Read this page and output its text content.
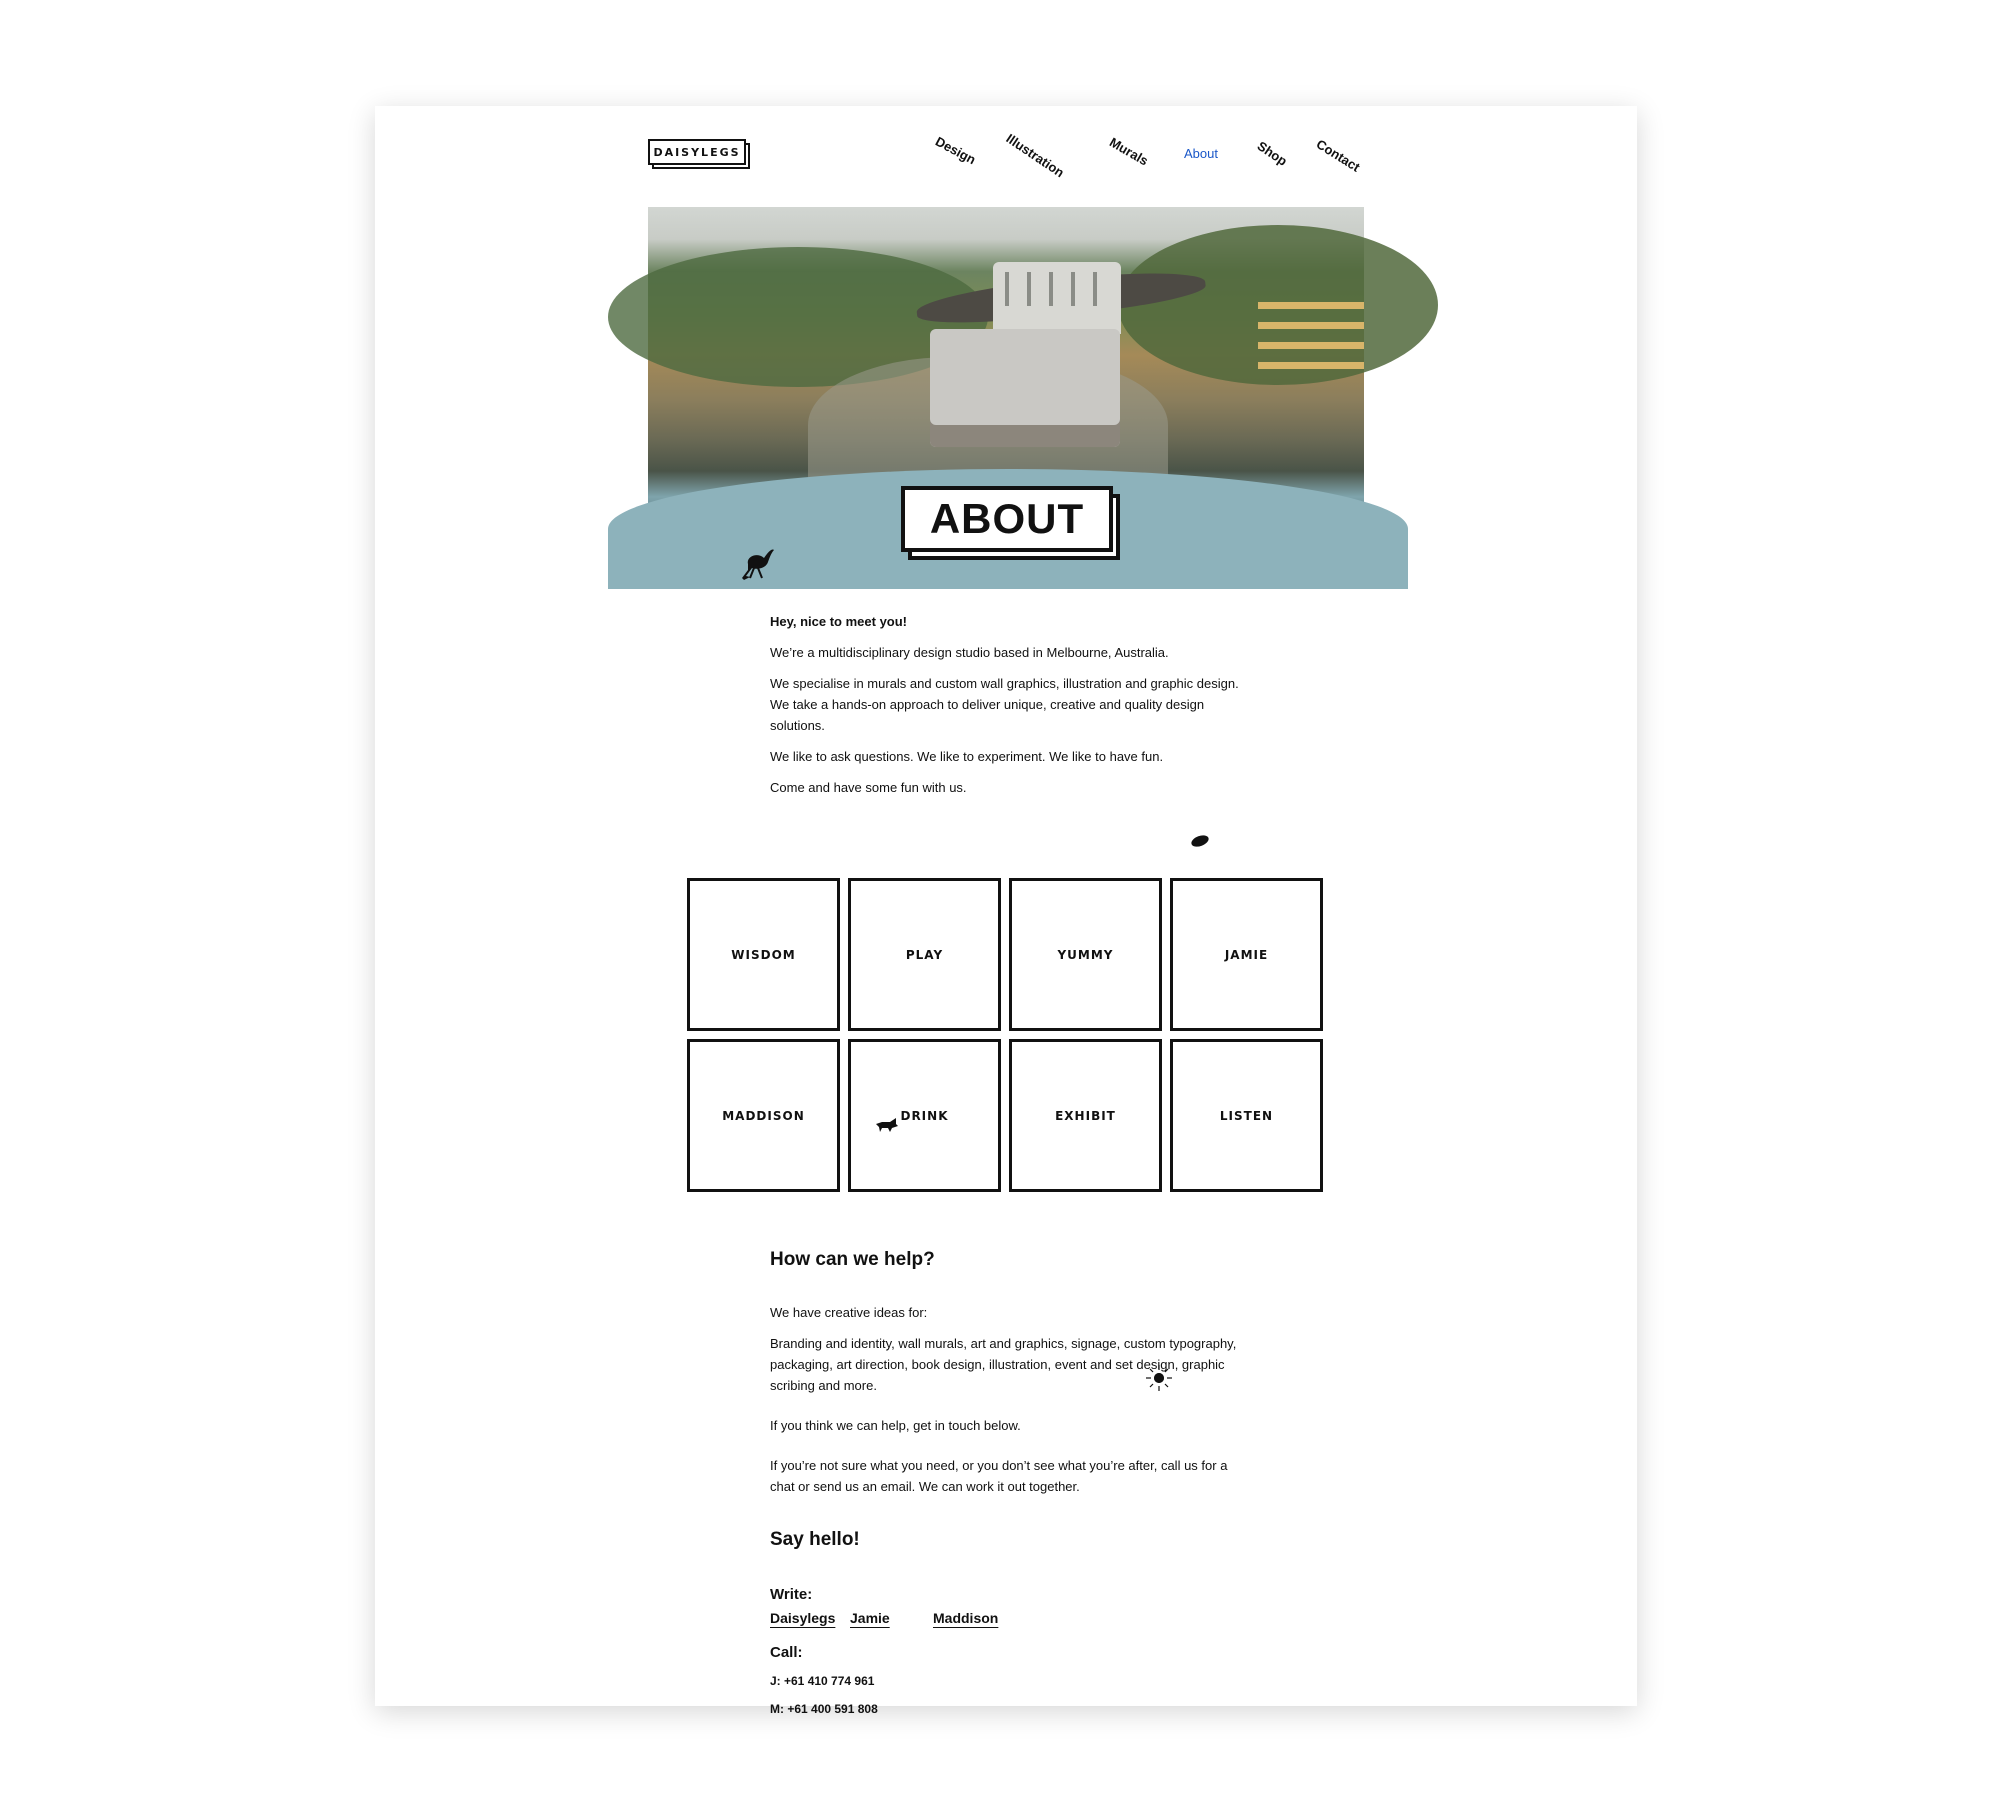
DAISYLEGS	Design Illustration	Murals	About	Shop Contact
ABOUT

Hey, nice to meet you!

We’re a multidisciplinary design studio based in Melbourne, Australia.

We specialise in murals and custom wall graphics, illustration and graphic design. We take a hands-on approach to deliver unique, creative and quality design solutions.

We like to ask questions. We like to experiment. We like to have fun.

Come and have some fun with us.

WISDOM	PLAY	YUMMY	JAMIE
MADDISON	DRINK	EXHIBIT	LISTEN
How can we help?

We have creative ideas for:

Branding and identity, wall murals, art and graphics, signage, custom typography, packaging, art direction, book design, illustration, event and set design, graphic scribing and more.

If you think we can help, get in touch below.

If you’re not sure what you need, or you don’t see what you’re after, call us for a chat or send us an email. We can work it out together.

Say hello!
Write:
Daisylegs Jamie	Maddison
Call:
J: +61 410 774 961
M: +61 400 591 808
